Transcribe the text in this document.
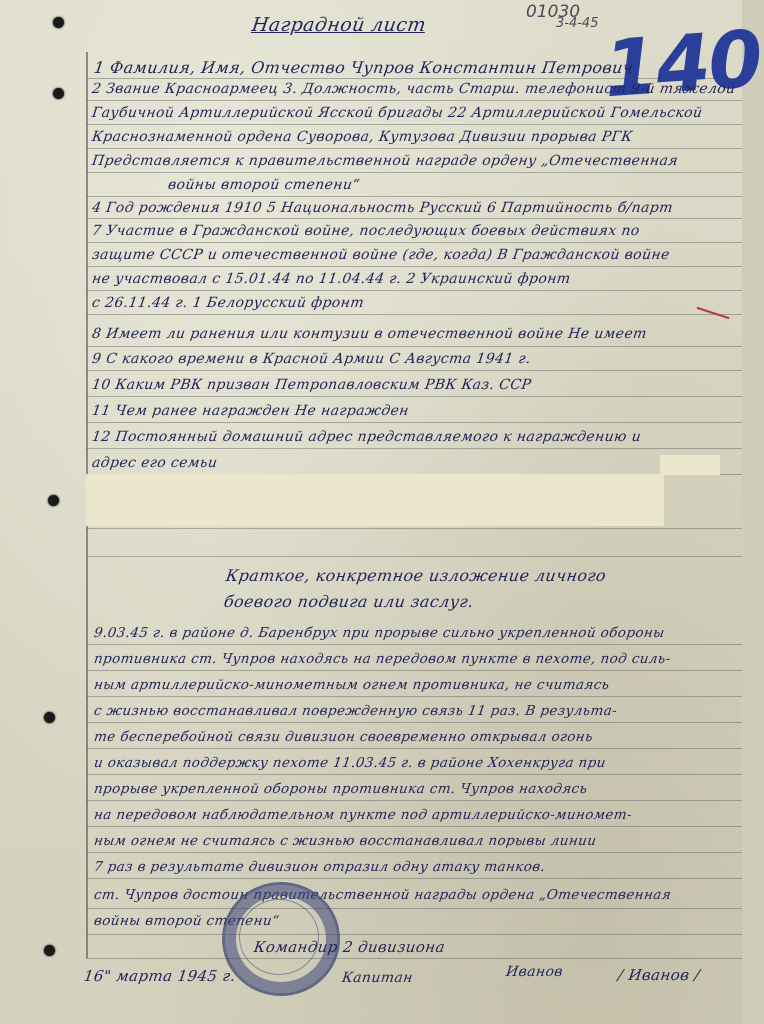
01030
3-4-45 140
Наградной лист
1 Фамилия, Имя, Отчество Чупров Константин Петрович
2 Звание Красноармеец 3. Должность, часть Старш. телефонист 9-й тяжелой
Гаубичной Артиллерийской Ясской бригады 22 Артиллерийской Гомельской
Краснознаменной ордена Суворова, Кутузова Дивизии прорыва РГК
Представляется к правительственной награде ордену „Отечественная
войны второй степени“
4 Год рождения 1910 5 Национальность Русский 6 Партийность б/парт
7 Участие в Гражданской войне, последующих боевых действиях по
защите СССР и отечественной войне (где, когда) В Гражданской войне
не участвовал с 15.01.44 по 11.04.44 г. 2 Украинский фронт
с 26.11.44 г. 1 Белорусский фронт
8 Имеет ли ранения или контузии в отечественной войне Не имеет
9 С какого времени в Красной Армии С Августа 1941 г.
10 Каким РВК призван Петропавловским РВК Каз. ССР
11 Чем ранее награжден Не награжден
12 Постоянный домашний адрес представляемого к награждению и
адрес его семьи
Краткое, конкретное изложение личного
боевого подвига или заслуг.
9.03.45 г. в районе д. Баренбрух при прорыве сильно укрепленной обороны
противника ст. Чупров находясь на передовом пункте в пехоте, под силь-
ным артиллерийско-минометным огнем противника, не считаясь
с жизнью восстанавливал поврежденную связь 11 раз. В результа-
те бесперебойной связи дивизион своевременно открывал огонь
и оказывал поддержку пехоте 11.03.45 г. в районе Хохенкруга при
прорыве укрепленной обороны противника ст. Чупров находясь
на передовом наблюдательном пункте под артиллерийско-миномет-
ным огнем не считаясь с жизнью восстанавливал порывы линии
7 раз в результате дивизион отразил одну атаку танков.
ст. Чупров достоин правительственной награды ордена „Отечественная
войны второй степени“
Командир 2 дивизиона
16" марта 1945 г.	Капитан	Иванов	/ Иванов /
